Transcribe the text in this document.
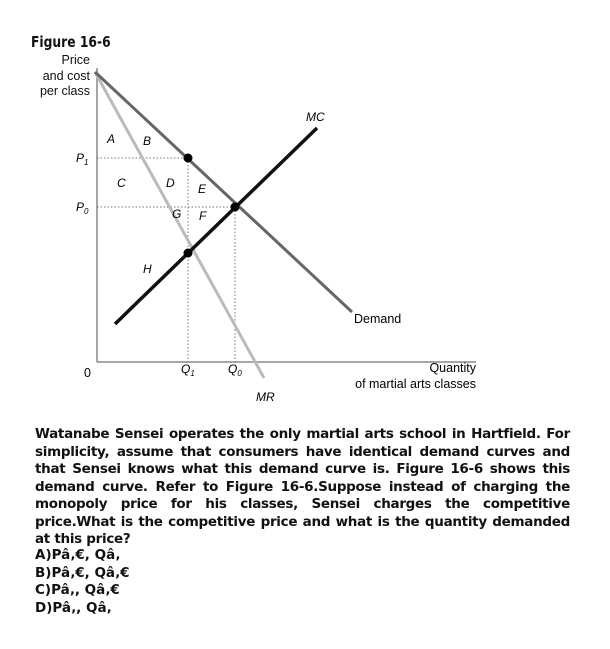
Figure 16-6
Price
and cost
per class
MC
Demand
MR
A B
C	D E
G F
H
$P_1$
$P_0$
$Q_1$	$Q_0$
0	Quantity
of martial arts classes
Watanabe Sensei operates the only martial arts school in Hartfield. For simplicity, assume that consumers have identical demand curves and that Sensei knows what this demand curve is. Figure 16-6 shows this demand curve. Refer to Figure 16-6.Suppose instead of charging the monopoly price for his classes, Sensei charges the competitive price.What is the competitive price and what is the quantity demanded at this price?
A)Pâ‚€, Qâ‚
B)Pâ‚€, Qâ‚€
C)Pâ‚, Qâ‚€
D)Pâ‚, Qâ‚
